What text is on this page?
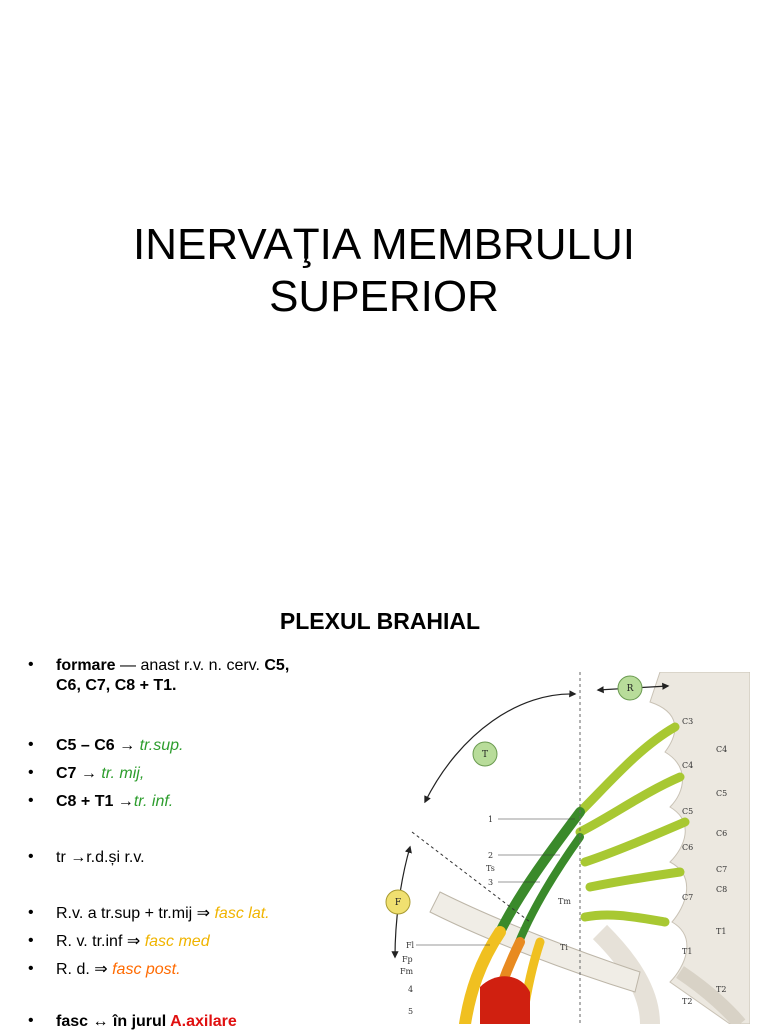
INERVAŢIA MEMBRULUI
SUPERIOR
PLEXUL BRAHIAL
• formare — anast r.v. n. cerv. C5,
C6, C7, C8 + T1.
• C5 – C6 → tr.sup.
• C7 → tr. mij,
• C8 + T1 →tr. inf.
• tr →r.d.și r.v.
• R.v. a tr.sup + tr.mij ⇒ fasc lat.
• R. v. tr.inf ⇒ fasc med
• R. d. ⇒ fasc post.
• fasc ↔ în jurul A.axilare
R
T
F
C3
C4
C4
C5
C5
C6
C6
C7
C8
C7
T1
T1
T2
T2
1
2
Ts
3
Tm
Ti
Fl
Fp
Fm
4
5
